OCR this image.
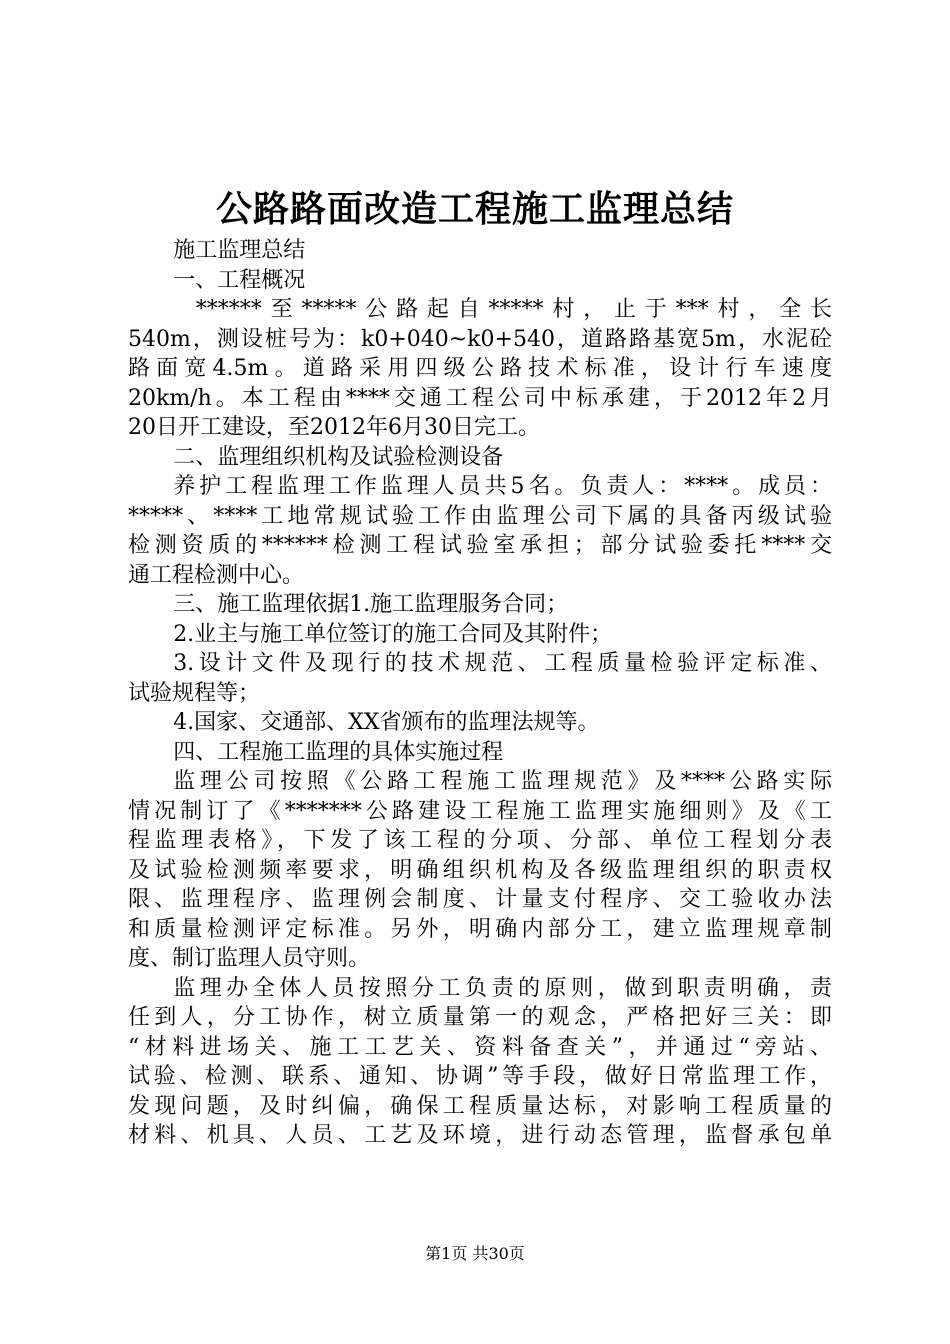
公路路面改造工程施工监理总结
施工监理总结
一、工程概况
******至*****公路起自*****村，止于***村，全长
540m，测设桩号为：k0+040~k0+540，道路路基宽5m，水泥砼
路面宽4.5m。道路采用四级公路技术标准，设计行车速度
20km/h。本工程由****交通工程公司中标承建，于2012年2月
20日开工建设，至2012年6月30日完工。
二、监理组织机构及试验检测设备
养护工程监理工作监理人员共5名。负责人：****。成员：
*****、****工地常规试验工作由监理公司下属的具备丙级试验
检测资质的******检测工程试验室承担；部分试验委托****交
通工程检测中心。
三、施工监理依据1.施工监理服务合同；
2.业主与施工单位签订的施工合同及其附件；
3.设计文件及现行的技术规范、工程质量检验评定标准、
试验规程等；
4.国家、交通部、XX省颁布的监理法规等。
四、工程施工监理的具体实施过程
监理公司按照《公路工程施工监理规范》及****公路实际
情况制订了《*******公路建设工程施工监理实施细则》及《工
程监理表格》，下发了该工程的分项、分部、单位工程划分表
及试验检测频率要求，明确组织机构及各级监理组织的职责权
限、监理程序、监理例会制度、计量支付程序、交工验收办法
和质量检测评定标准。另外，明确内部分工，建立监理规章制
度、制订监理人员守则。
监理办全体人员按照分工负责的原则，做到职责明确，责
任到人，分工协作，树立质量第一的观念，严格把好三关：即
“材料进场关、施工工艺关、资料备查关”，并通过“旁站、
试验、检测、联系、通知、协调”等手段，做好日常监理工作，
发现问题，及时纠偏，确保工程质量达标，对影响工程质量的
材料、机具、人员、工艺及环境，进行动态管理，监督承包单
第1页 共30页
